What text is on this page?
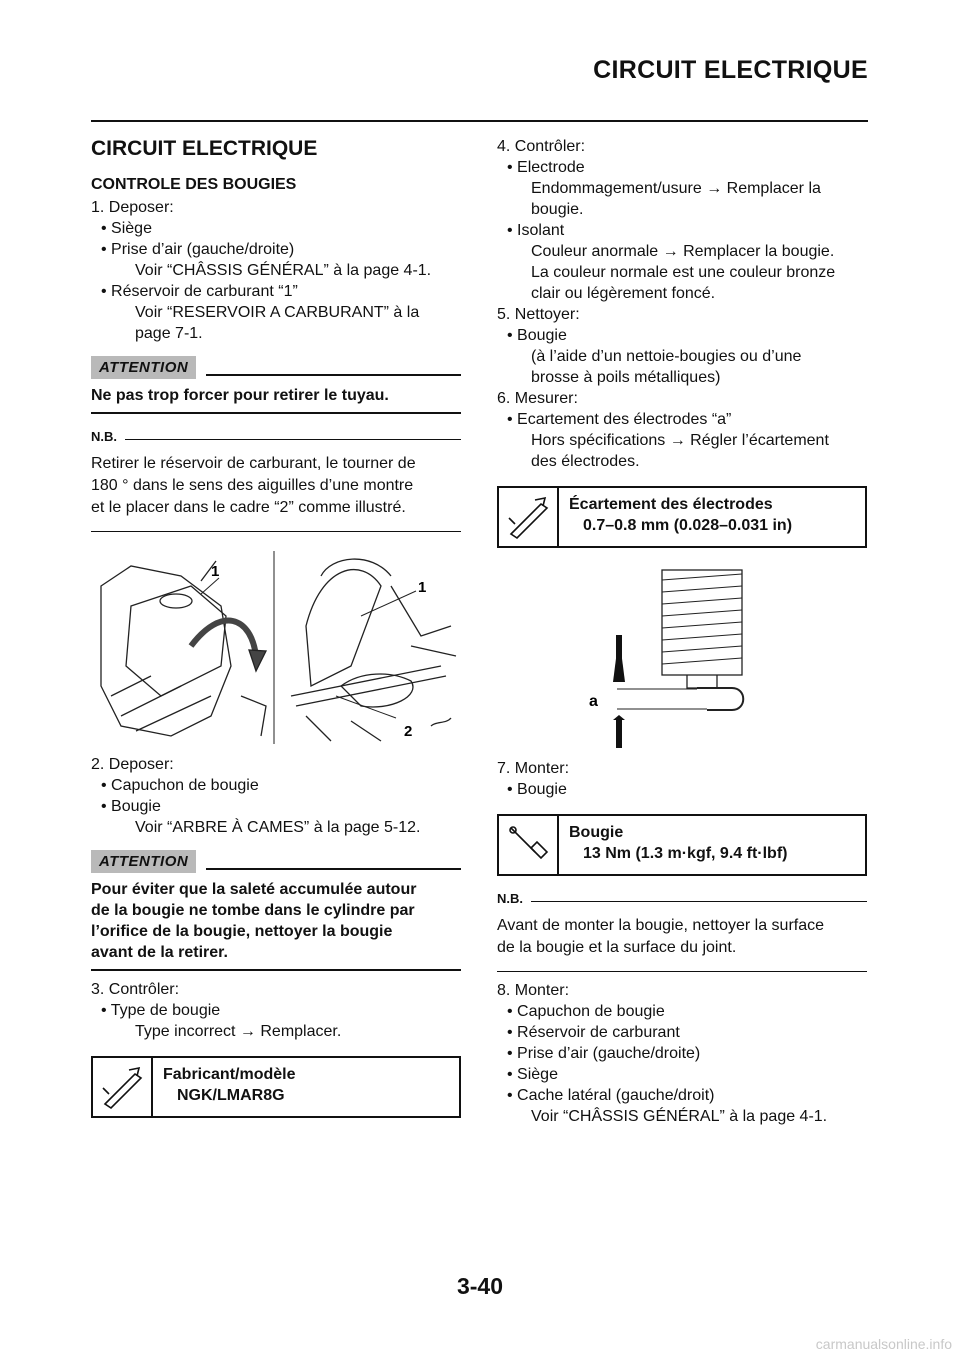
CIRCUIT ELECTRIQUE
CIRCUIT ELECTRIQUE
CONTROLE DES BOUGIES

1. Deposer:

• Siège

• Prise d’air (gauche/droite)

Voir “CHÂSSIS GÉNÉRAL” à la page 4-1.

• Réservoir de carburant “1”

Voir “RESERVOIR A CARBURANT” à la

page 7-1.

ATTENTION
Ne pas trop forcer pour retirer le tuyau.
N.B.

Retirer le réservoir de carburant, le tourner de

180 ° dans le sens des aiguilles d’une montre

et le placer dans le cadre “2” comme illustré.

1
1
2

2. Deposer:

• Capuchon de bougie

• Bougie

Voir “ARBRE À CAMES” à la page 5-12.

ATTENTION

Pour éviter que la saleté accumulée autour

de la bougie ne tombe dans le cylindre par

l’orifice de la bougie, nettoyer la bougie

avant de la retirer.

3. Contrôler:

• Type de bougie

Type incorrect → Remplacer.

Fabricant/modèle
NGK/LMAR8G

4. Contrôler:

• Electrode

Endommagement/usure → Remplacer la

bougie.

• Isolant

Couleur anormale → Remplacer la bougie.

La couleur normale est une couleur bronze

clair ou légèrement foncé.

5. Nettoyer:

• Bougie

(à l’aide d’un nettoie-bougies ou d’une

brosse à poils métalliques)

6. Mesurer:

• Ecartement des électrodes “a”

Hors spécifications → Régler l’écartement

des électrodes.

Écartement des électrodes
0.7–0.8 mm (0.028–0.031 in)
a

7. Monter:

• Bougie

Bougie
13 Nm (1.3 m·kgf, 9.4 ft·lbf)
N.B.

Avant de monter la bougie, nettoyer la surface

de la bougie et la surface du joint.

8. Monter:

• Capuchon de bougie

• Réservoir de carburant

• Prise d’air (gauche/droite)

• Siège

• Cache latéral (gauche/droit)

Voir “CHÂSSIS GÉNÉRAL” à la page 4-1.

3-40
carmanualsonline.info
